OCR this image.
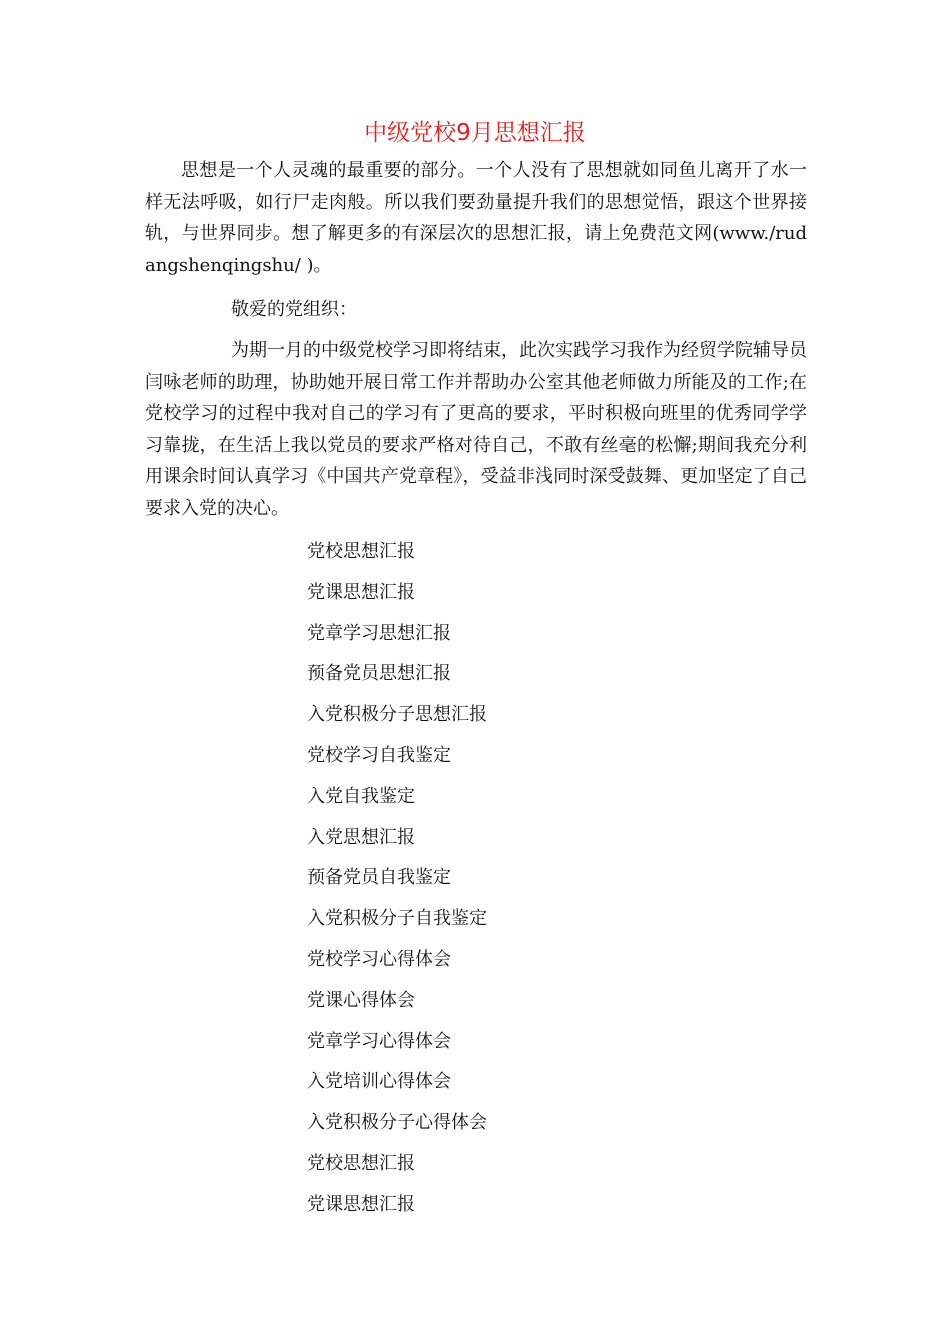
中级党校9月思想汇报

思想是一个人灵魂的最重要的部分。一个人没有了思想就如同鱼儿离开了水一样无法呼吸，如行尸走肉般。所以我们要劲量提升我们的思想觉悟，跟这个世界接轨，与世界同步。想了解更多的有深层次的思想汇报，请上免费范文网(www./rudangshenqingshu/ )。

敬爱的党组织：

为期一月的中级党校学习即将结束，此次实践学习我作为经贸学院辅导员闫咏老师的助理，协助她开展日常工作并帮助办公室其他老师做力所能及的工作;在党校学习的过程中我对自己的学习有了更高的要求，平时积极向班里的优秀同学学习靠拢，在生活上我以党员的要求严格对待自己，不敢有丝毫的松懈;期间我充分利用课余时间认真学习《中国共产党章程》，受益非浅同时深受鼓舞、更加坚定了自己要求入党的决心。

党校思想汇报
党课思想汇报
党章学习思想汇报
预备党员思想汇报
入党积极分子思想汇报
党校学习自我鉴定
入党自我鉴定
入党思想汇报
预备党员自我鉴定
入党积极分子自我鉴定
党校学习心得体会
党课心得体会
党章学习心得体会
入党培训心得体会
入党积极分子心得体会
党校思想汇报
党课思想汇报
